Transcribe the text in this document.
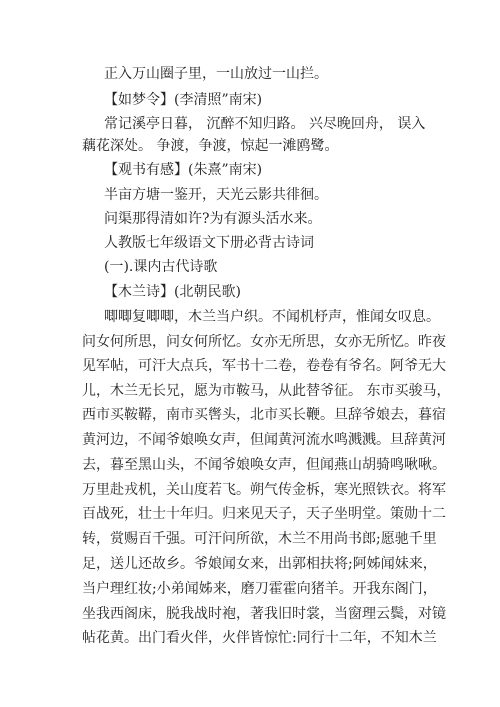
正入万山圈子里，一山放过一山拦。
【如梦令】(李清照”南宋)
常记溪亭日暮， 沉醉不知归路。 兴尽晚回舟， 误入
藕花深处。 争渡，争渡，惊起一滩鸥鹭。
【观书有感】(朱熹”南宋)
半亩方塘一鉴开，天光云影共徘徊。
问渠那得清如许?为有源头活水来。
人教版七年级语文下册必背古诗词
(一).课内古代诗歌
【木兰诗】(北朝民歌)
唧唧复唧唧，木兰当户织。不闻机杼声，惟闻女叹息。
问女何所思，问女何所忆。女亦无所思，女亦无所忆。昨夜
见军帖，可汗大点兵，军书十二卷，卷卷有爷名。阿爷无大
儿，木兰无长兄，愿为市鞍马，从此替爷征。 东市买骏马，
西市买鞍鞯，南市买辔头，北市买长鞭。旦辞爷娘去，暮宿
黄河边，不闻爷娘唤女声，但闻黄河流水鸣溅溅。旦辞黄河
去，暮至黑山头，不闻爷娘唤女声，但闻燕山胡骑鸣啾啾。
万里赴戎机，关山度若飞。朔气传金柝，寒光照铁衣。将军
百战死，壮士十年归。归来见天子，天子坐明堂。策勋十二
转，赏赐百千强。可汗问所欲，木兰不用尚书郎;愿驰千里
足，送儿还故乡。爷娘闻女来，出郭相扶将;阿姊闻妹来，
当户理红妆;小弟闻姊来，磨刀霍霍向猪羊。开我东阁门，
坐我西阁床，脱我战时袍，著我旧时裳，当窗理云鬓，对镜
帖花黄。出门看火伴，火伴皆惊忙:同行十二年，不知木兰
